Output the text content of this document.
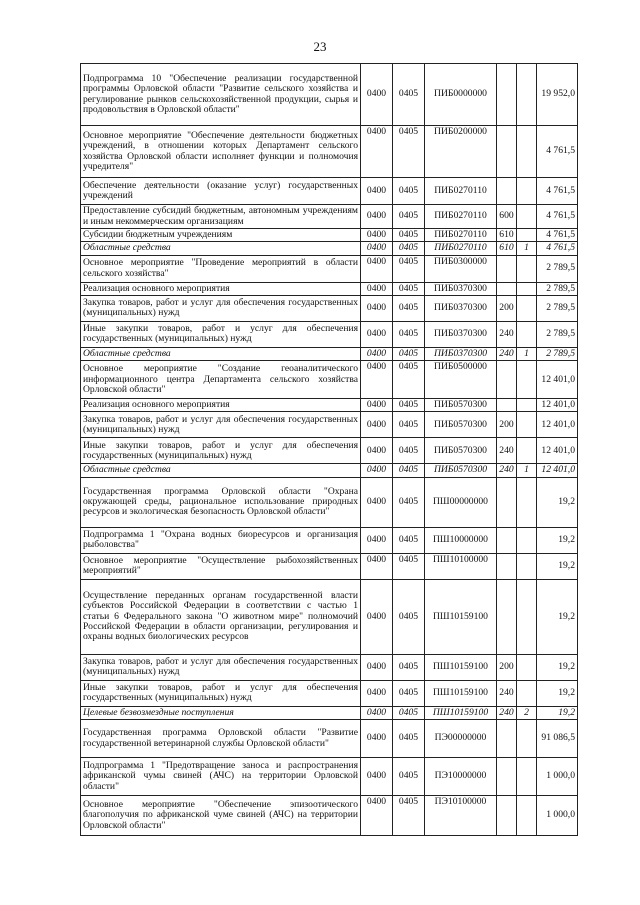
23
Подпрограмма 10 "Обеспечение реализации государственной программы Орловской области "Развитие сельского хозяйства и регулирование рынков сельскохозяйственной продукции, сырья и продовольствия в Орловской области"	0400	0405	ПИБ0000000			19 952,0
Основное мероприятие "Обеспечение деятельности бюджетных учреждений, в отношении которых Департамент сельского хозяйства Орловской области исполняет функции и полномочия учредителя"	0400	0405	ПИБ0200000			4 761,5
Обеспечение деятельности (оказание услуг) государственных учреждений	0400	0405	ПИБ0270110			4 761,5
Предоставление субсидий бюджетным, автономным учреждениям и иным некоммерческим организациям	0400	0405	ПИБ0270110	600		4 761,5
Субсидии бюджетным учреждениям	0400	0405	ПИБ0270110	610		4 761,5
Областные средства	0400	0405	ПИБ0270110	610	1	4 761,5
Основное мероприятие "Проведение мероприятий в области сельского хозяйства"	0400	0405	ПИБ0300000			2 789,5
Реализация основного мероприятия	0400	0405	ПИБ0370300			2 789,5
Закупка товаров, работ и услуг для обеспечения государственных (муниципальных) нужд	0400	0405	ПИБ0370300	200		2 789,5
Иные закупки товаров, работ и услуг для обеспечения государственных (муниципальных) нужд	0400	0405	ПИБ0370300	240		2 789,5
Областные средства	0400	0405	ПИБ0370300	240	1	2 789,5
Основное мероприятие "Создание геоаналитического информационного центра Департамента сельского хозяйства Орловской области"	0400	0405	ПИБ0500000			12 401,0
Реализация основного мероприятия	0400	0405	ПИБ0570300			12 401,0
Закупка товаров, работ и услуг для обеспечения государственных (муниципальных) нужд	0400	0405	ПИБ0570300	200		12 401,0
Иные закупки товаров, работ и услуг для обеспечения государственных (муниципальных) нужд	0400	0405	ПИБ0570300	240		12 401,0
Областные средства	0400	0405	ПИБ0570300	240	1	12 401,0
Государственная программа Орловской области "Охрана окружающей среды, рациональное использование природных ресурсов и экологическая безопасность Орловской области"	0400	0405	ПШ00000000			19,2
Подпрограмма 1 "Охрана водных биоресурсов и организация рыболовства"	0400	0405	ПШ10000000			19,2
Основное мероприятие "Осуществление рыбохозяйственных мероприятий"	0400	0405	ПШ10100000			19,2
Осуществление переданных органам государственной власти субъектов Российской Федерации в соответствии с частью 1 статьи 6 Федерального закона "О животном мире" полномочий Российской Федерации в области организации, регулирования и охраны водных биологических ресурсов	0400	0405	ПШ10159100			19,2
Закупка товаров, работ и услуг для обеспечения государственных (муниципальных) нужд	0400	0405	ПШ10159100	200		19,2
Иные закупки товаров, работ и услуг для обеспечения государственных (муниципальных) нужд	0400	0405	ПШ10159100	240		19,2
Целевые безвозмездные поступления	0400	0405	ПШ10159100	240	2	19,2
Государственная программа Орловской области "Развитие государственной ветеринарной службы Орловской области"	0400	0405	ПЭ00000000			91 086,5
Подпрограмма 1 "Предотвращение заноса и распространения африканской чумы свиней (АЧС) на территории Орловской области"	0400	0405	ПЭ10000000			1 000,0
Основное мероприятие "Обеспечение эпизоотического благополучия по африканской чуме свиней (АЧС) на территории Орловской области"	0400	0405	ПЭ10100000			1 000,0
